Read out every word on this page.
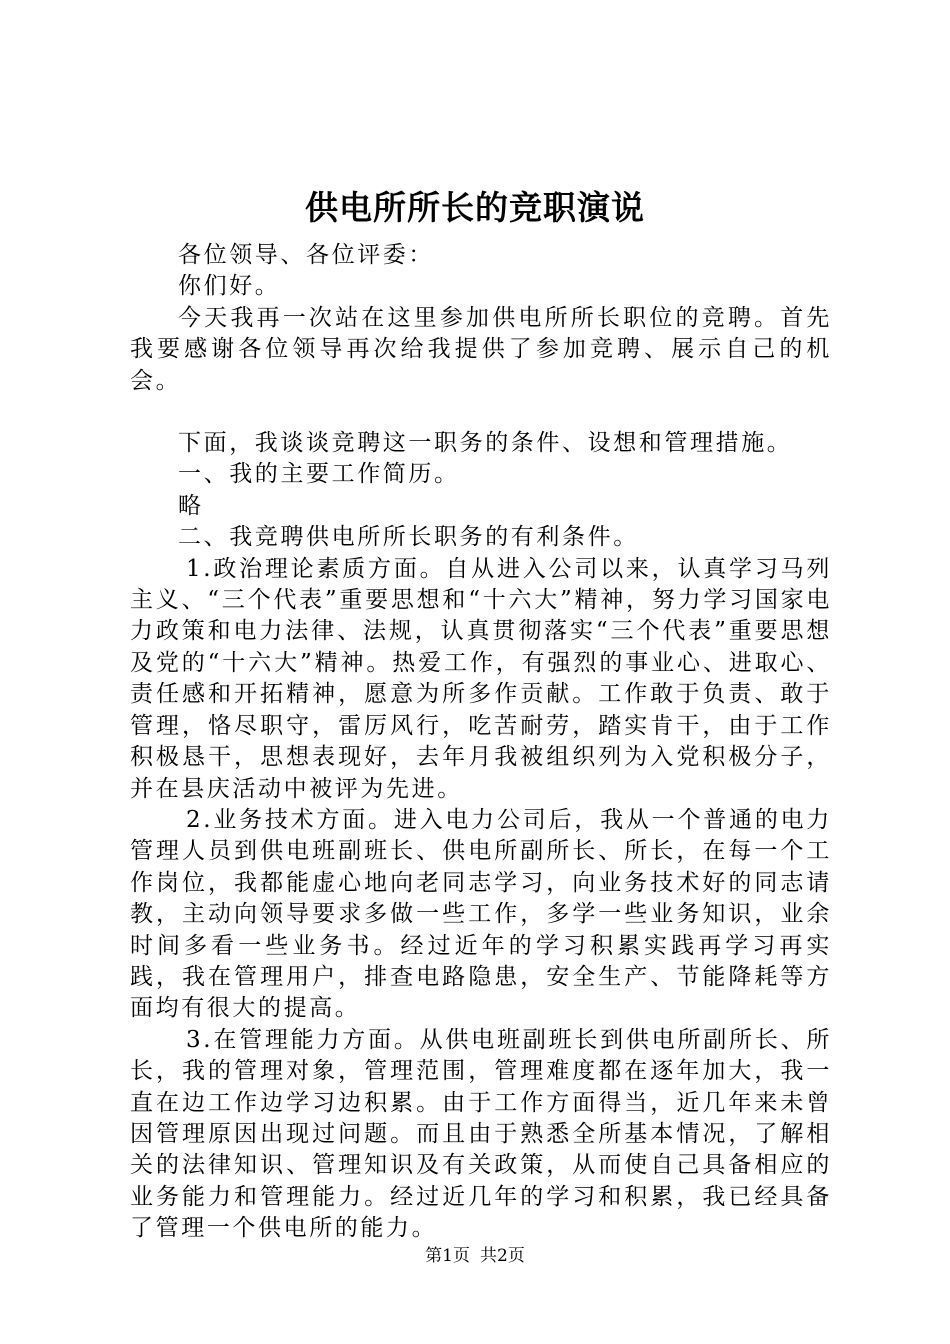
供电所所长的竞职演说

各位领导、各位评委：

你们好。

今天我再一次站在这里参加供电所所长职位的竞聘。首先我要感谢各位领导再次给我提供了参加竞聘、展示自己的机会。

下面，我谈谈竞聘这一职务的条件、设想和管理措施。

一、我的主要工作简历。

略

二、我竞聘供电所所长职务的有利条件。

1.政治理论素质方面。自从进入公司以来，认真学习马列主义、“三个代表”重要思想和“十六大”精神，努力学习国家电力政策和电力法律、法规，认真贯彻落实“三个代表”重要思想及党的“十六大”精神。热爱工作，有强烈的事业心、进取心、责任感和开拓精神，愿意为所多作贡献。工作敢于负责、敢于管理，恪尽职守，雷厉风行，吃苦耐劳，踏实肯干，由于工作积极恳干，思想表现好，去年月我被组织列为入党积极分子，并在县庆活动中被评为先进。

2.业务技术方面。进入电力公司后，我从一个普通的电力管理人员到供电班副班长、供电所副所长、所长，在每一个工作岗位，我都能虚心地向老同志学习，向业务技术好的同志请教，主动向领导要求多做一些工作，多学一些业务知识，业余时间多看一些业务书。经过近年的学习积累实践再学习再实践，我在管理用户，排查电路隐患，安全生产、节能降耗等方面均有很大的提高。

3.在管理能力方面。从供电班副班长到供电所副所长、所长，我的管理对象，管理范围，管理难度都在逐年加大，我一直在边工作边学习边积累。由于工作方面得当，近几年来未曾因管理原因出现过问题。而且由于熟悉全所基本情况，了解相关的法律知识、管理知识及有关政策，从而使自己具备相应的业务能力和管理能力。经过近几年的学习和积累，我已经具备了管理一个供电所的能力。

第1页 共2页
